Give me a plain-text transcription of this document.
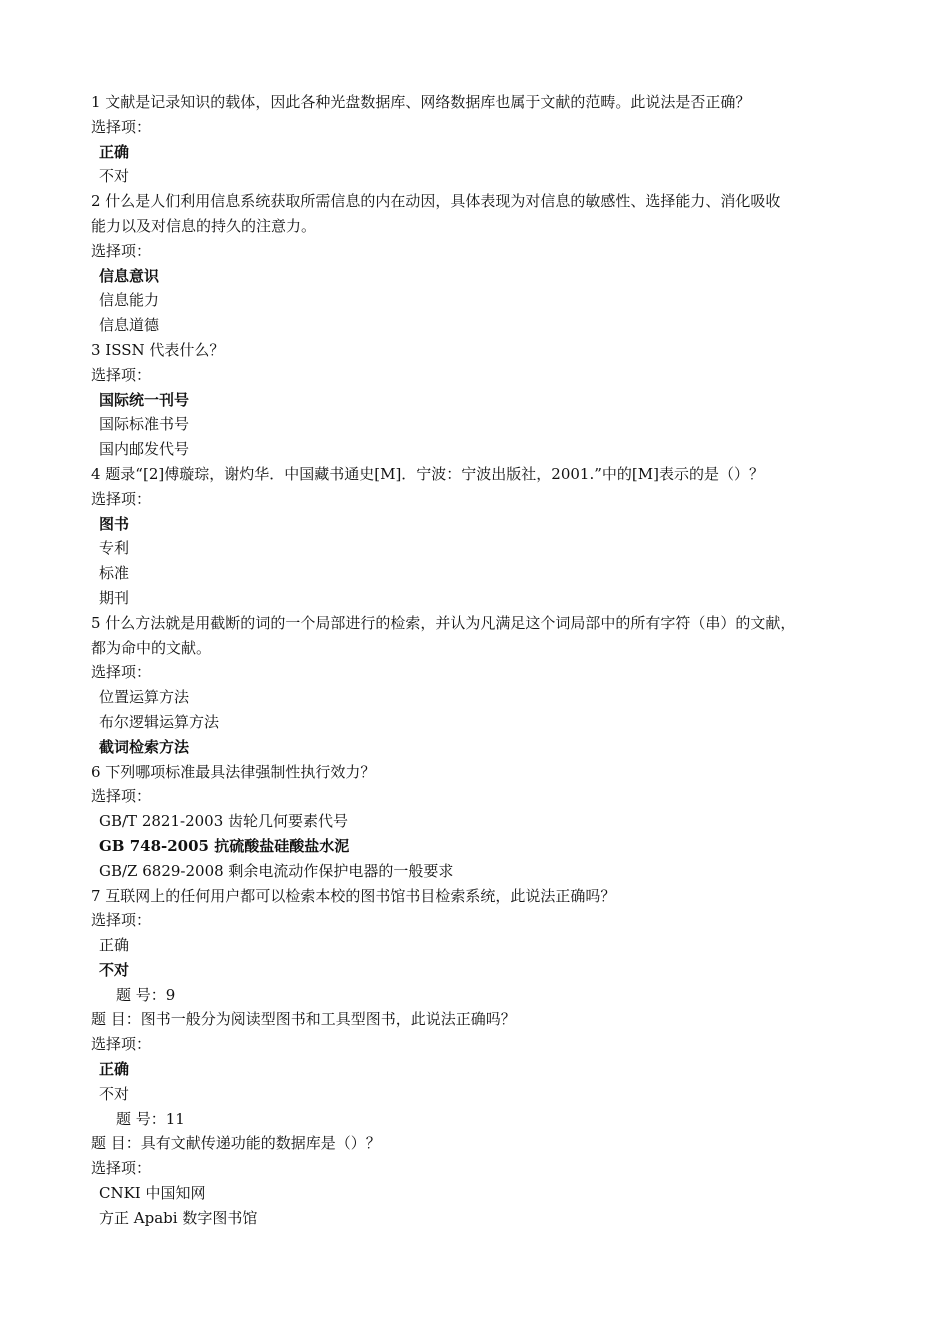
1 文献是记录知识的载体，因此各种光盘数据库、网络数据库也属于文献的范畴。此说法是否正确？
选择项：
正确
不对
2 什么是人们利用信息系统获取所需信息的内在动因，具体表现为对信息的敏感性、选择能力、消化吸收
能力以及对信息的持久的注意力。
选择项：
信息意识
信息能力
信息道德
3 ISSN 代表什么？
选择项：
国际统一刊号
国际标准书号
国内邮发代号
4 题录“[2]傅璇琮，谢灼华．中国藏书通史[M]．宁波：宁波出版社，2001.”中的[M]表示的是（）？
选择项：
图书
专利
标准
期刊
5 什么方法就是用截断的词的一个局部进行的检索，并认为凡满足这个词局部中的所有字符（串）的文献，
都为命中的文献。
选择项：
位置运算方法
布尔逻辑运算方法
截词检索方法
6 下列哪项标准最具法律强制性执行效力？
选择项：
GB/T 2821-2003 齿轮几何要素代号
GB 748-2005 抗硫酸盐硅酸盐水泥
GB/Z 6829-2008 剩余电流动作保护电器的一般要求
7 互联网上的任何用户都可以检索本校的图书馆书目检索系统，此说法正确吗？
选择项：
正确
不对
题 号：9
题 目：图书一般分为阅读型图书和工具型图书，此说法正确吗？
选择项：
正确
不对
题 号：11
题 目：具有文献传递功能的数据库是（）？
选择项：
CNKI 中国知网
方正 Apabi 数字图书馆
